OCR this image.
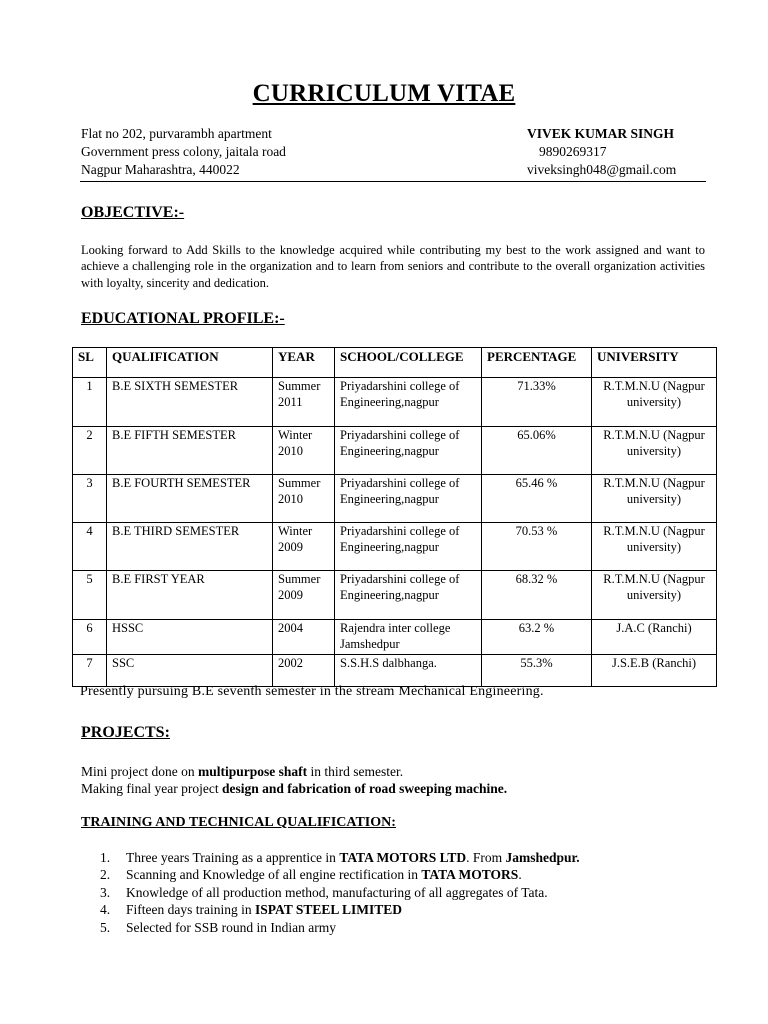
CURRICULUM VITAE
Flat no 202, purvarambh apartment
Government press colony, jaitala road
Nagpur Maharashtra, 440022
VIVEK KUMAR SINGH
9890269317
viveksingh048@gmail.com
OBJECTIVE:-
Looking forward to Add Skills to the knowledge acquired while contributing my best to the work assigned and want to achieve a challenging role in the organization and to learn from seniors and contribute to the overall organization activities with loyalty, sincerity and dedication.
EDUCATIONAL PROFILE:-
SL	QUALIFICATION	YEAR	SCHOOL/COLLEGE	PERCENTAGE	UNIVERSITY
1	B.E SIXTH SEMESTER	Summer 2011	Priyadarshini college of Engineering,nagpur	71.33%	R.T.M.N.U (Nagpur university)
2	B.E FIFTH SEMESTER	Winter 2010	Priyadarshini college of Engineering,nagpur	65.06%	R.T.M.N.U (Nagpur university)
3	B.E FOURTH SEMESTER	Summer 2010	Priyadarshini college of Engineering,nagpur	65.46 %	R.T.M.N.U (Nagpur university)
4	B.E THIRD SEMESTER	Winter 2009	Priyadarshini college of Engineering,nagpur	70.53 %	R.T.M.N.U (Nagpur university)
5	B.E FIRST YEAR	Summer 2009	Priyadarshini college of Engineering,nagpur	68.32 %	R.T.M.N.U (Nagpur university)
6	HSSC	2004	Rajendra inter college Jamshedpur	63.2 %	J.A.C (Ranchi)
7	SSC	2002	S.S.H.S dalbhanga.	55.3%	J.S.E.B (Ranchi)
Presently pursuing B.E seventh semester in the stream Mechanical Engineering.
PROJECTS:
Mini project done on multipurpose shaft in third semester.
Making final year project design and fabrication of road sweeping machine.
TRAINING AND TECHNICAL QUALIFICATION:
1. Three years Training as a apprentice in TATA MOTORS LTD. From Jamshedpur.
2. Scanning and Knowledge of all engine rectification in TATA MOTORS.
3. Knowledge of all production method, manufacturing of all aggregates of Tata.
4. Fifteen days training in ISPAT STEEL LIMITED
5. Selected for SSB round in Indian army
